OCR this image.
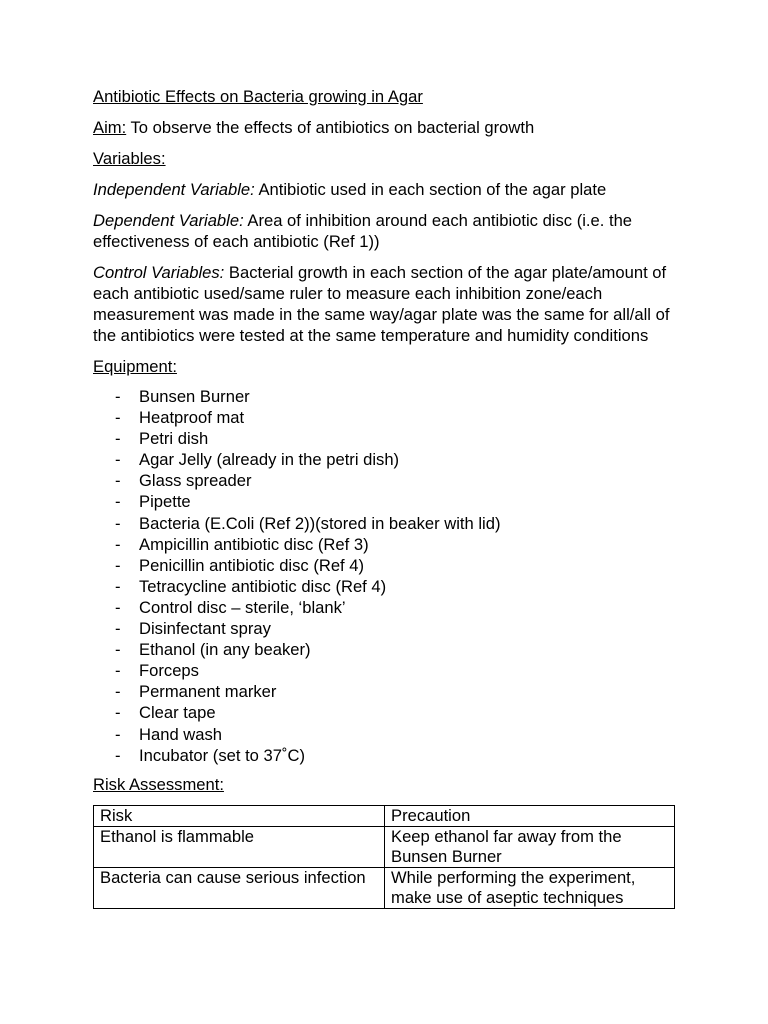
Antibiotic Effects on Bacteria growing in Agar

Aim: To observe the effects of antibiotics on bacterial growth

Variables:

Independent Variable: Antibiotic used in each section of the agar plate

Dependent Variable: Area of inhibition around each antibiotic disc (i.e. the effectiveness of each antibiotic (Ref 1))

Control Variables: Bacterial growth in each section of the agar plate/amount of each antibiotic used/same ruler to measure each inhibition zone/each measurement was made in the same way/agar plate was the same for all/all of the antibiotics were tested at the same temperature and humidity conditions

Equipment:

- Bunsen Burner
- Heatproof mat
- Petri dish
- Agar Jelly (already in the petri dish)
- Glass spreader
- Pipette
- Bacteria (E.Coli (Ref 2))(stored in beaker with lid)
- Ampicillin antibiotic disc (Ref 3)
- Penicillin antibiotic disc (Ref 4)
- Tetracycline antibiotic disc (Ref 4)
- Control disc – sterile, ‘blank’
- Disinfectant spray
- Ethanol (in any beaker)
- Forceps
- Permanent marker
- Clear tape
- Hand wash
- Incubator (set to 37˚C)

Risk Assessment:

Risk	Precaution
Ethanol is flammable	Keep ethanol far away from the Bunsen Burner
Bacteria can cause serious infection	While performing the experiment, make use of aseptic techniques
